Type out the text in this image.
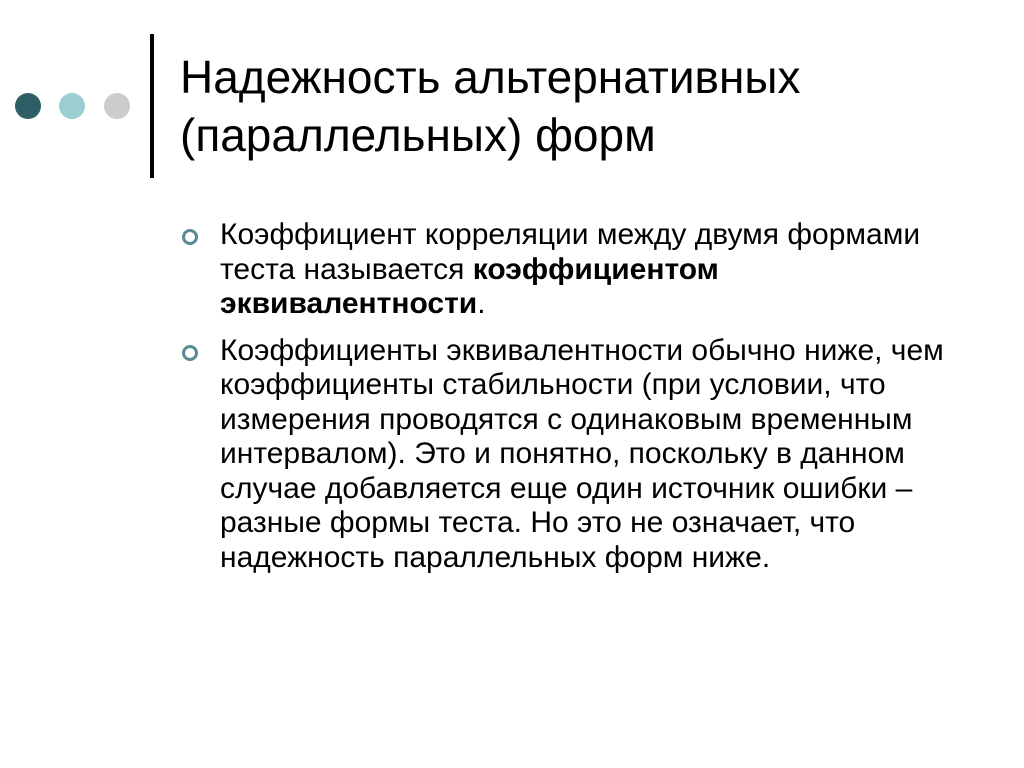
Надежность альтернативных
(параллельных) форм
Коэффициент корреляции между двумя формами теста называется коэффициентом эквивалентности.
Коэффициенты эквивалентности обычно ниже, чем коэффициенты стабильности (при условии, что измерения проводятся с одинаковым временным интервалом). Это и понятно, поскольку в данном случае добавляется еще один источник ошибки – разные формы теста. Но это не означает, что надежность параллельных форм ниже.
